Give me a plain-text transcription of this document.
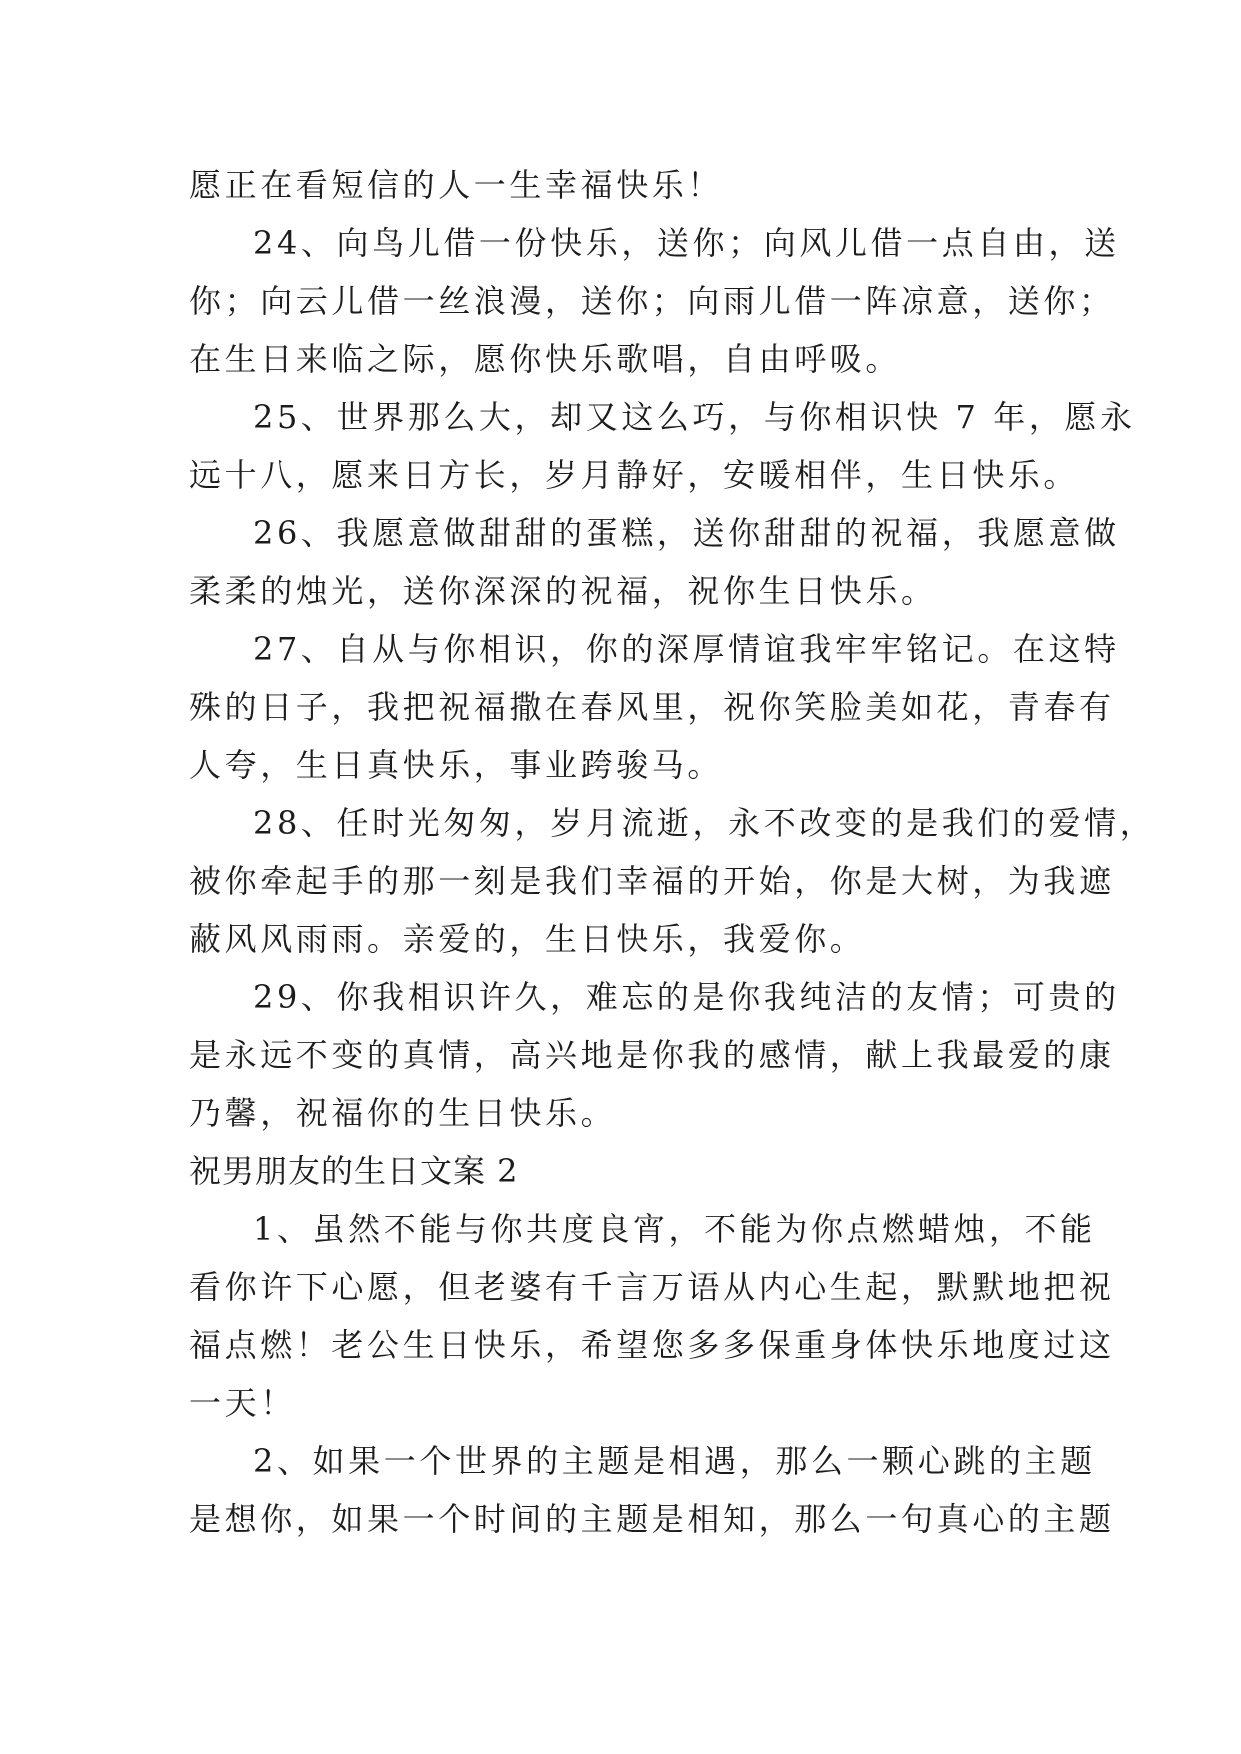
愿正在看短信的人一生幸福快乐！
24、向鸟儿借一份快乐，送你；向风儿借一点自由，送
你；向云儿借一丝浪漫，送你；向雨儿借一阵凉意，送你；
在生日来临之际，愿你快乐歌唱，自由呼吸。
25、世界那么大，却又这么巧，与你相识快 7 年，愿永
远十八，愿来日方长，岁月静好，安暖相伴，生日快乐。
26、我愿意做甜甜的蛋糕，送你甜甜的祝福，我愿意做
柔柔的烛光，送你深深的祝福，祝你生日快乐。
27、自从与你相识，你的深厚情谊我牢牢铭记。在这特
殊的日子，我把祝福撒在春风里，祝你笑脸美如花，青春有
人夸，生日真快乐，事业跨骏马。
28、任时光匆匆，岁月流逝，永不改变的是我们的爱情，
被你牵起手的那一刻是我们幸福的开始，你是大树，为我遮
蔽风风雨雨。亲爱的，生日快乐，我爱你。
29、你我相识许久，难忘的是你我纯洁的友情；可贵的
是永远不变的真情，高兴地是你我的感情，献上我最爱的康
乃馨，祝福你的生日快乐。
祝男朋友的生日文案 2
1、虽然不能与你共度良宵，不能为你点燃蜡烛，不能
看你许下心愿，但老婆有千言万语从内心生起，默默地把祝
福点燃！老公生日快乐，希望您多多保重身体快乐地度过这
一天！
2、如果一个世界的主题是相遇，那么一颗心跳的主题
是想你，如果一个时间的主题是相知，那么一句真心的主题
